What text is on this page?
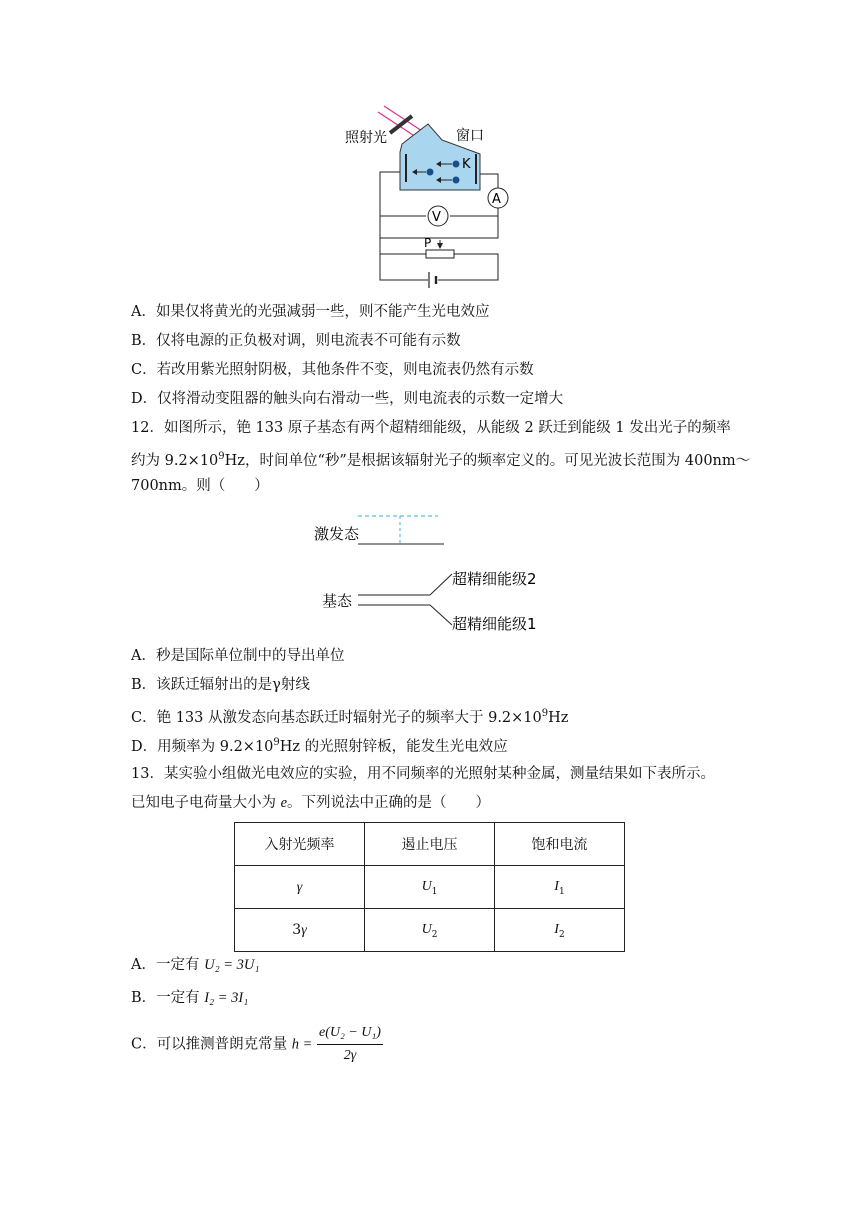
照射光	窗口
K
A
V
P
A．如果仅将黄光的光强减弱一些，则不能产生光电效应
B．仅将电源的正负极对调，则电流表不可能有示数
C．若改用紫光照射阴极，其他条件不变，则电流表仍然有示数
D．仅将滑动变阻器的触头向右滑动一些，则电流表的示数一定增大
12．如图所示，铯 133 原子基态有两个超精细能级，从能级 2 跃迁到能级 1 发出光子的频率
约为 $9.2\times 10^9Hz$，时间单位“秒”是根据该辐射光子的频率定义的。可见光波长范围为 400nm～
700nm。则（　　）
激发态
基态
超精细能级2
超精细能级1
A．秒是国际单位制中的导出单位
B．该跃迁辐射出的是γ射线
C．铯 133 从激发态向基态跃迁时辐射光子的频率大于 $9.2\times 10^9Hz$
D．用频率为 $9.2\times 10^9Hz$ 的光照射锌板，能发生光电效应
13．某实验小组做光电效应的实验，用不同频率的光照射某种金属，测量结果如下表所示。
已知电子电荷量大小为 e。下列说法中正确的是（　　）
入射光频率	遏止电压	饱和电流
γ	$U_1$	$I_1$
3γ	$U_2$	$I_2$
A．一定有 U₂ = 3U₁
B．一定有 I₂ = 3I₁
C．可以推测普朗克常量 $h = \frac{\text{e(U₂ − U₁)}}{2\gamma}$
